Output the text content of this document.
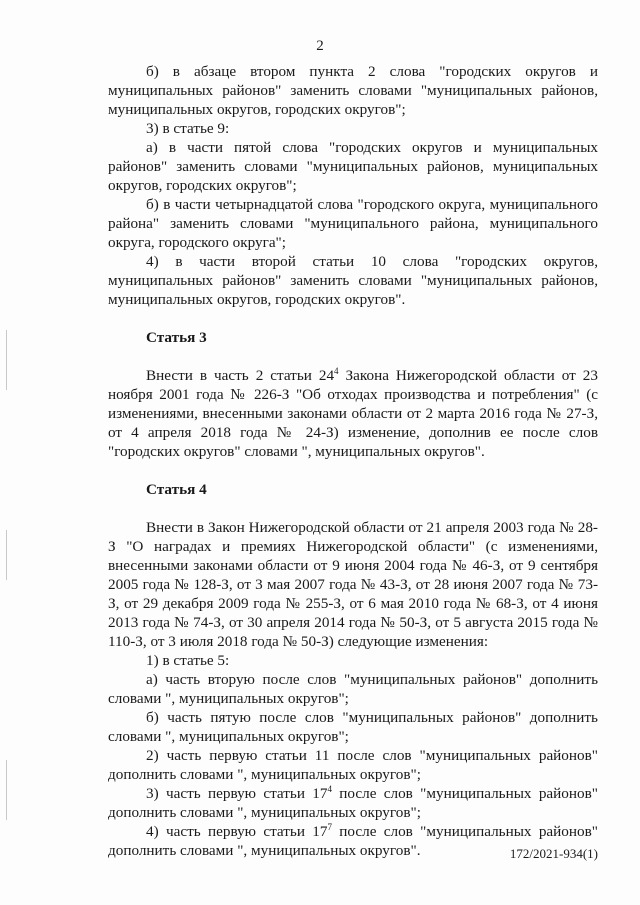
2

б) в абзаце втором пункта 2 слова "городских округов и муниципальных районов" заменить словами "муниципальных районов, муниципальных округов, городских округов";

3) в статье 9:

а) в части пятой слова "городских округов и муниципальных районов" заменить словами "муниципальных районов, муниципальных округов, городских округов";

б) в части четырнадцатой слова "городского округа, муниципального района" заменить словами "муниципального района, муниципального округа, городского округа";

4) в части второй статьи 10 слова "городских округов, муниципальных районов" заменить словами "муниципальных районов, муниципальных округов, городских округов".

Статья 3

Внести в часть 2 статьи $24^4$ Закона Нижегородской области от 23 ноября 2001 года № 226-З "Об отходах производства и потребления" (с изменениями, внесенными законами области от 2 марта 2016 года № 27-З, от 4 апреля 2018 года № 24-З) изменение, дополнив ее после слов "городских округов" словами ", муниципальных округов".

Статья 4

Внести в Закон Нижегородской области от 21 апреля 2003 года № 28-З "О наградах и премиях Нижегородской области" (с изменениями, внесенными законами области от 9 июня 2004 года № 46-З, от 9 сентября 2005 года № 128-З, от 3 мая 2007 года № 43-З, от 28 июня 2007 года № 73-З, от 29 декабря 2009 года № 255-З, от 6 мая 2010 года № 68-З, от 4 июня 2013 года № 74-З, от 30 апреля 2014 года № 50-З, от 5 августа 2015 года № 110-З, от 3 июля 2018 года № 50-З) следующие изменения:

1) в статье 5:

а) часть вторую после слов "муниципальных районов" дополнить словами ", муниципальных округов";

б) часть пятую после слов "муниципальных районов" дополнить словами ", муниципальных округов";

2) часть первую статьи 11 после слов "муниципальных районов" дополнить словами ", муниципальных округов";

3) часть первую статьи $17^4$ после слов "муниципальных районов" дополнить словами ", муниципальных округов";

4) часть первую статьи $17^7$ после слов "муниципальных районов" дополнить словами ", муниципальных округов".	172/2021-934(1)
